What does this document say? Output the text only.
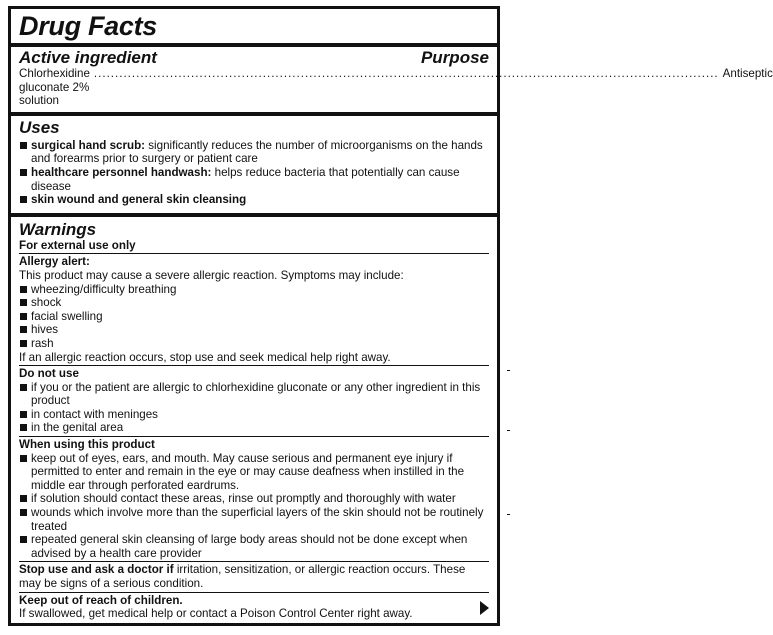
Drug Facts
Active ingredient	Purpose
Chlorhexidine gluconate 2% solution
.................................................................................................................................................... Antiseptic
Uses
surgical hand scrub: significantly reduces the number of microorganisms on the hands and forearms prior to surgery or patient care
healthcare personnel handwash: helps reduce bacteria that potentially can cause disease
skin wound and general skin cleansing
Warnings
For external use only
Allergy alert:
This product may cause a severe allergic reaction. Symptoms may include:
wheezing/difficulty breathing
shock
facial swelling
hives
rash
If an allergic reaction occurs, stop use and seek medical help right away.
Do not use
if you or the patient are allergic to chlorhexidine gluconate or any other ingredient in this product
in contact with meninges
in the genital area
When using this product
keep out of eyes, ears, and mouth. May cause serious and permanent eye injury if permitted to enter and remain in the eye or may cause deafness when instilled in the middle ear through perforated eardrums.
if solution should contact these areas, rinse out promptly and thoroughly with water
wounds which involve more than the superficial layers of the skin should not be routinely treated
repeated general skin cleansing of large body areas should not be done except when advised by a health care provider
Stop use and ask a doctor if irritation, sensitization, or allergic reaction occurs. These may be signs of a serious condition.
Keep out of reach of children.
If swallowed, get medical help or contact a Poison Control Center right away.
